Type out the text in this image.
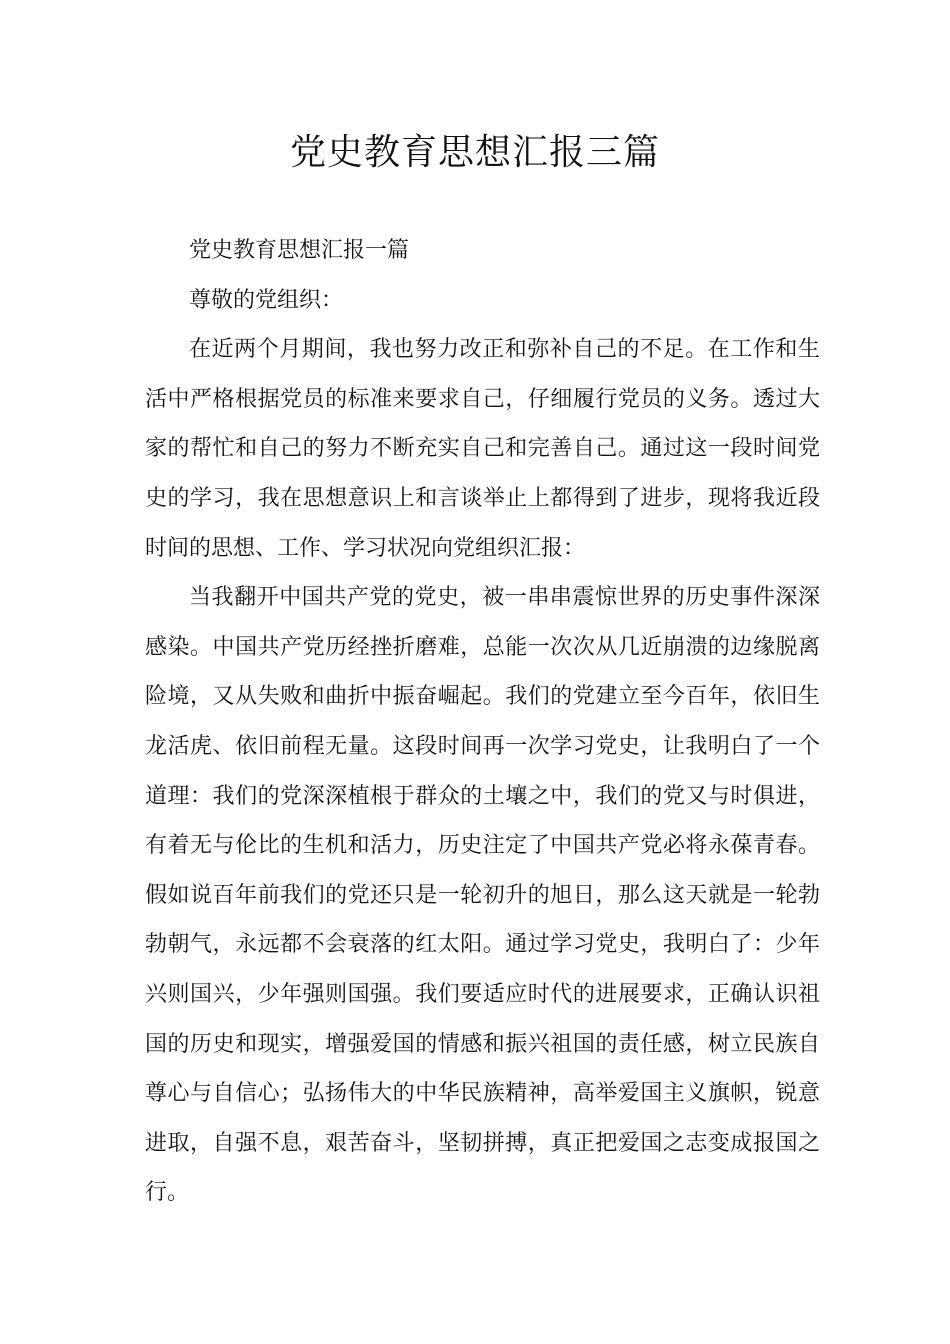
党史教育思想汇报三篇

党史教育思想汇报一篇

尊敬的党组织：

在近两个月期间，我也努力改正和弥补自己的不足。在工作和生活中严格根据党员的标准来要求自己，仔细履行党员的义务。透过大家的帮忙和自己的努力不断充实自己和完善自己。通过这一段时间党史的学习，我在思想意识上和言谈举止上都得到了进步，现将我近段时间的思想、工作、学习状况向党组织汇报：

当我翻开中国共产党的党史，被一串串震惊世界的历史事件深深感染。中国共产党历经挫折磨难，总能一次次从几近崩溃的边缘脱离险境，又从失败和曲折中振奋崛起。我们的党建立至今百年，依旧生龙活虎、依旧前程无量。这段时间再一次学习党史，让我明白了一个道理：我们的党深深植根于群众的土壤之中，我们的党又与时俱进，有着无与伦比的生机和活力，历史注定了中国共产党必将永葆青春。假如说百年前我们的党还只是一轮初升的旭日，那么这天就是一轮勃勃朝气，永远都不会衰落的红太阳。通过学习党史，我明白了：少年兴则国兴，少年强则国强。我们要适应时代的进展要求，正确认识祖国的历史和现实，增强爱国的情感和振兴祖国的责任感，树立民族自尊心与自信心；弘扬伟大的中华民族精神，高举爱国主义旗帜，锐意进取，自强不息，艰苦奋斗，坚韧拼搏，真正把爱国之志变成报国之行。
